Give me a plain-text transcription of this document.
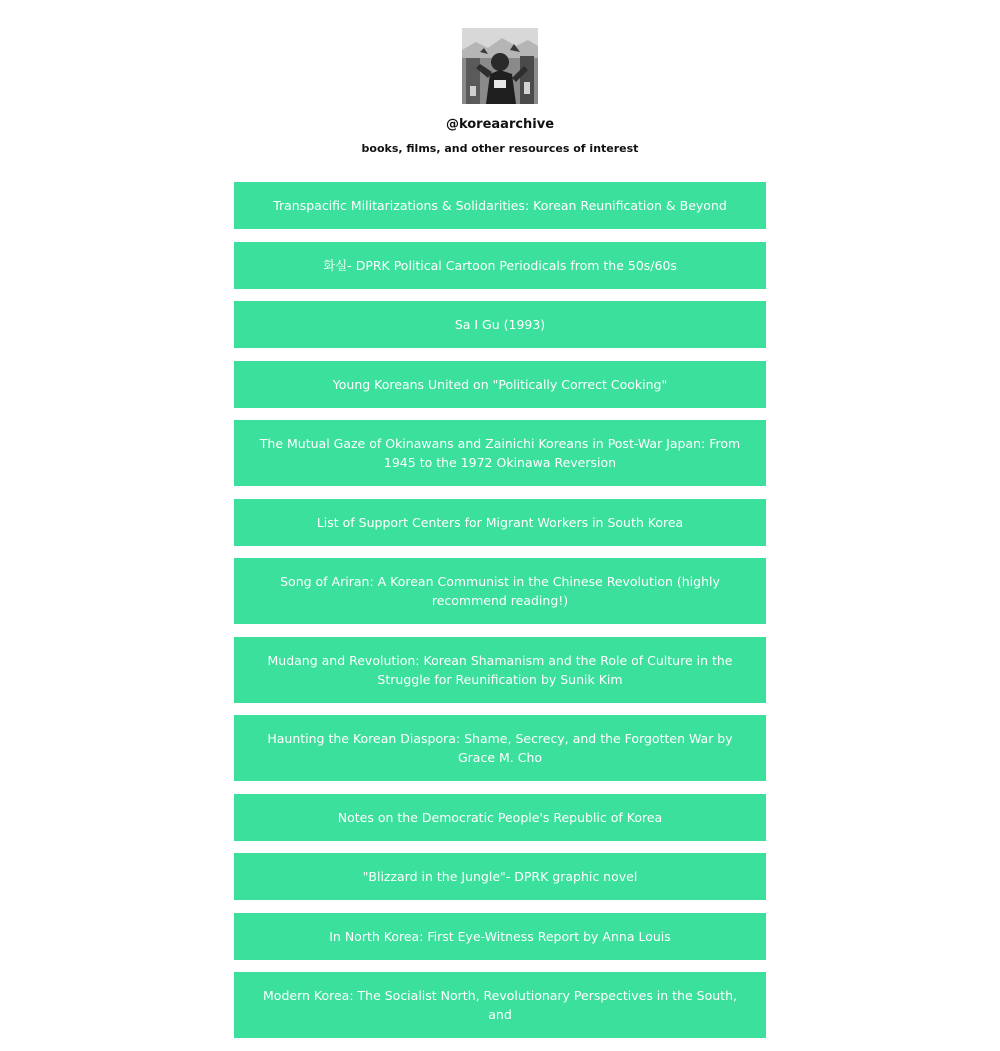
@koreaarchive
books, films, and other resources of interest
Transpacific Militarizations & Solidarities: Korean Reunification & Beyond
화실- DPRK Political Cartoon Periodicals from the 50s/60s
Sa I Gu (1993)
Young Koreans United on "Politically Correct Cooking"
The Mutual Gaze of Okinawans and Zainichi Koreans in Post-War Japan: From 1945 to the 1972 Okinawa Reversion
List of Support Centers for Migrant Workers in South Korea
Song of Ariran: A Korean Communist in the Chinese Revolution (highly recommend reading!)
Mudang and Revolution: Korean Shamanism and the Role of Culture in the Struggle for Reunification by Sunik Kim
Haunting the Korean Diaspora: Shame, Secrecy, and the Forgotten War by Grace M. Cho
Notes on the Democratic People's Republic of Korea
"Blizzard in the Jungle"- DPRK graphic novel
In North Korea: First Eye-Witness Report by Anna Louis
Modern Korea: The Socialist North, Revolutionary Perspectives in the South, and
